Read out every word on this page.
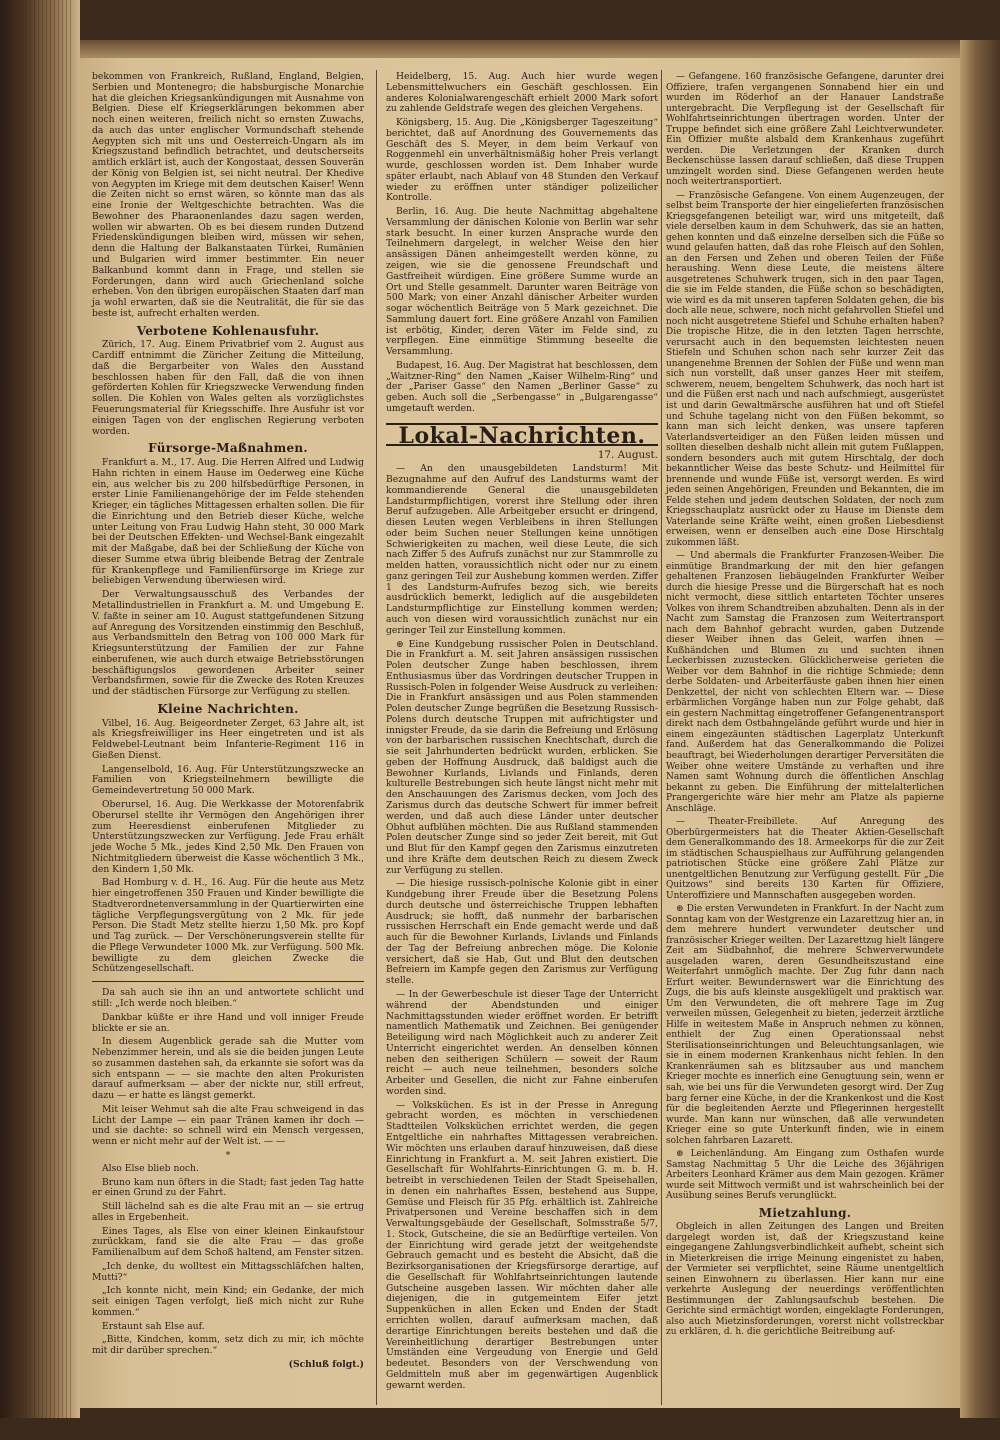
bekommen von Frankreich, Rußland, England, Belgien, Serbien und Montenegro; die habsburgische Monarchie hat die gleichen Kriegsankündigungen mit Ausnahme von Belgien. Diese elf Kriegserklärungen bekommen aber noch einen weiteren, freilich nicht so ernsten Zuwachs, da auch das unter englischer Vormundschaft stehende Aegypten sich mit uns und Oesterreich-Ungarn als im Kriegszustand befindlich betrachtet, und deutscherseits amtlich erklärt ist, auch der Kongostaat, dessen Souverän der König von Belgien ist, sei nicht neutral. Der Khedive von Aegypten im Kriege mit dem deutschen Kaiser! Wenn die Zeiten nicht so ernst wären, so könnte man das als eine Ironie der Weltgeschichte betrachten. Was die Bewohner des Pharaonenlandes dazu sagen werden, wollen wir abwarten. Ob es bei diesem runden Dutzend Friedenskündigungen bleiben wird, müssen wir sehen, denn die Haltung der Balkanstaaten Türkei, Rumänien und Bulgarien wird immer bestimmter. Ein neuer Balkanbund kommt dann in Frage, und stellen sie Forderungen, dann wird auch Griechenland solche erheben. Von den übrigen europäischen Staaten darf man ja wohl erwarten, daß sie die Neutralität, die für sie das beste ist, aufrecht erhalten werden.

Verbotene Kohlenausfuhr.

Zürich, 17. Aug. Einem Privatbrief vom 2. August aus Cardiff entnimmt die Züricher Zeitung die Mitteilung, daß die Bergarbeiter von Wales den Ausstand beschlossen haben für den Fall, daß die von ihnen geförderten Kohlen für Kriegszwecke Verwendung finden sollen. Die Kohlen von Wales gelten als vorzüglichstes Feuerungsmaterial für Kriegsschiffe. Ihre Ausfuhr ist vor einigen Tagen von der englischen Regierung verboten worden.

Fürsorge-Maßnahmen.

Frankfurt a. M., 17. Aug. Die Herren Alfred und Ludwig Hahn richten in einem Hause im Oederweg eine Küche ein, aus welcher bis zu 200 hilfsbedürftige Personen, in erster Linie Familienangehörige der im Felde stehenden Krieger, ein tägliches Mittagessen erhalten sollen. Die für die Einrichtung und den Betrieb dieser Küche, welche unter Leitung von Frau Ludwig Hahn steht, 30 000 Mark bei der Deutschen Effekten- und Wechsel-Bank eingezahlt mit der Maßgabe, daß bei der Schließung der Küche von dieser Summe etwa übrig bleibende Betrag der Zentrale für Krankenpflege und Familienfürsorge im Kriege zur beliebigen Verwendung überwiesen wird.

Der Verwaltungsausschuß des Verbandes der Metallindustriellen in Frankfurt a. M. und Umgebung E. V. faßte in seiner am 10. August stattgefundenen Sitzung auf Anregung des Vorsitzenden einstimmig den Beschluß, aus Verbandsmitteln den Betrag von 100 000 Mark für Kriegsunterstützung der Familien der zur Fahne einberufenen, wie auch durch etwaige Betriebsstörungen beschäftigungslos gewordenen Arbeiter seiner Verbandsfirmen, sowie für die Zwecke des Roten Kreuzes und der städtischen Fürsorge zur Verfügung zu stellen.

Kleine Nachrichten.

Vilbel, 16. Aug. Beigeordneter Zerget, 63 Jahre alt, ist als Kriegsfreiwilliger ins Heer eingetreten und ist als Feldwebel-Leutnant beim Infanterie-Regiment 116 in Gießen Dienst.

Langenselbold, 16. Aug. Für Unterstützungszwecke an Familien von Kriegsteilnehmern bewilligte die Gemeindevertretung 50 000 Mark.

Oberursel, 16. Aug. Die Werkkasse der Motorenfabrik Oberursel stellte ihr Vermögen den Angehörigen ihrer zum Heeresdienst einberufenen Mitglieder zu Unterstützungszwecken zur Verfügung. Jede Frau erhält jede Woche 5 Mk., jedes Kind 2,50 Mk. Den Frauen von Nichtmitgliedern überweist die Kasse wöchentlich 3 Mk., den Kindern 1,50 Mk.

Bad Homburg v. d. H., 16. Aug. Für die heute aus Metz hier eingetroffenen 350 Frauen und Kinder bewilligte die Stadtverordnetenversammlung in der Quartierwirten eine tägliche Verpflegungsvergütung von 2 Mk. für jede Person. Die Stadt Metz stellte hierzu 1,50 Mk. pro Kopf und Tag zurück. — Der Verschönerungsverein stellte für die Pflege Verwundeter 1000 Mk. zur Verfügung. 500 Mk. bewilligte zu dem gleichen Zwecke die Schützengesellschaft.

Da sah auch sie ihn an und antwortete schlicht und still: „Ich werde noch bleiben.“

Dankbar küßte er ihre Hand und voll inniger Freude blickte er sie an.

In diesem Augenblick gerade sah die Mutter vom Nebenzimmer herein, und als sie die beiden jungen Leute so zusammen dastehen sah, da erkannte sie sofort was da sich entspann — — sie machte den alten Prokuristen darauf aufmerksam — aber der nickte nur, still erfreut, dazu — er hatte es längst gemerkt.

Mit leiser Wehmut sah die alte Frau schweigend in das Licht der Lampe — ein paar Tränen kamen ihr doch — und sie dachte: so schnell wird ein Mensch vergessen, wenn er nicht mehr auf der Welt ist. — —

*

Also Else blieb noch.

Bruno kam nun öfters in die Stadt; fast jeden Tag hatte er einen Grund zu der Fahrt.

Still lächelnd sah es die alte Frau mit an — sie ertrug alles in Ergebenheit.

Eines Tages, als Else von einer kleinen Einkaufstour zurückkam, fand sie die alte Frau — das große Familienalbum auf dem Schoß haltend, am Fenster sitzen.

„Ich denke, du wolltest ein Mittagsschläfchen halten, Mutti?“

„Ich konnte nicht, mein Kind; ein Gedanke, der mich seit einigen Tagen verfolgt, ließ mich nicht zur Ruhe kommen.“

Erstaunt sah Else auf.

„Bitte, Kindchen, komm, setz dich zu mir, ich möchte mit dir darüber sprechen.“

(Schluß folgt.)

Heidelberg, 15. Aug. Auch hier wurde wegen Lebensmittelwuchers ein Geschäft geschlossen. Ein anderes Kolonialwarengeschäft erhielt 2000 Mark sofort zu zahlende Geldstrafe wegen des gleichen Vergehens.

Königsberg, 15. Aug. Die „Königsberger Tageszeitung“ berichtet, daß auf Anordnung des Gouvernements das Geschäft des S. Meyer, in dem beim Verkauf von Roggenmehl ein unverhältnismäßig hoher Preis verlangt wurde, geschlossen worden ist. Dem Inhaber wurde später erlaubt, nach Ablauf von 48 Stunden den Verkauf wieder zu eröffnen unter ständiger polizeilicher Kontrolle.

Berlin, 16. Aug. Die heute Nachmittag abgehaltene Versammlung der dänischen Kolonie von Berlin war sehr stark besucht. In einer kurzen Ansprache wurde den Teilnehmern dargelegt, in welcher Weise den hier ansässigen Dänen anheimgestellt werden könne, zu zeigen, wie sie die genossene Freundschaft und Gastfreiheit würdigen. Eine größere Summe wurde an Ort und Stelle gesammelt. Darunter waren Beiträge von 500 Mark; von einer Anzahl dänischer Arbeiter wurden sogar wöchentlich Beiträge von 5 Mark gezeichnet. Die Sammlung dauert fort. Eine größere Anzahl von Familien ist erbötig, Kinder, deren Väter im Felde sind, zu verpflegen. Eine einmütige Stimmung beseelte die Versammlung.

Budapest, 16. Aug. Der Magistrat hat beschlossen, dem „Waitzner-Ring“ den Namen „Kaiser Wilhelm-Ring“ und der „Pariser Gasse“ den Namen „Berliner Gasse“ zu geben. Auch soll die „Serbengasse“ in „Bulgarengasse“ umgetauft werden.

Lokal-Nachrichten.
17. August.

— An den unausgebildeten Landsturm! Mit Bezugnahme auf den Aufruf des Landsturms wamt der kommandierende General die unausgebildeten Landsturmpflichtigen, vorerst ihre Stellung oder ihren Beruf aufzugeben. Alle Arbeitgeber ersucht er dringend, diesen Leuten wegen Verbleibens in ihren Stellungen oder beim Suchen neuer Stellungen keine unnötigen Schwierigkeiten zu machen, weil diese Leute, die sich nach Ziffer 5 des Aufrufs zunächst nur zur Stammrolle zu melden hatten, voraussichtlich nicht oder nur zu einem ganz geringen Teil zur Aushebung kommen werden. Ziffer 1 des Landsturm-Aufrufes bezog sich, wie bereits ausdrücklich bemerkt, lediglich auf die ausgebildeten Landsturmpflichtige zur Einstellung kommen werden; auch von diesen wird voraussichtlich zunächst nur ein geringer Teil zur Einstellung kommen.

⊛ Eine Kundgebung russischer Polen in Deutschland. Die in Frankfurt a. M. seit Jahren ansässigen russischen Polen deutscher Zunge haben beschlossen, ihrem Enthusiasmus über das Vordringen deutscher Truppen in Russisch-Polen in folgender Weise Ausdruck zu verleihen: Die in Frankfurt ansässigen und aus Polen stammenden Polen deutscher Zunge begrüßen die Besetzung Russisch-Polens durch deutsche Truppen mit aufrichtigster und innigster Freude, da sie darin die Befreiung und Erlösung von der barbarischen russischen Knechtschaft, durch die sie seit Jahrhunderten bedrückt wurden, erblicken. Sie geben der Hoffnung Ausdruck, daß baldigst auch die Bewohner Kurlands, Livlands und Finlands, deren kulturelle Bestrebungen sich heute längst nicht mehr mit den Anschauungen des Zarismus decken, vom Joch des Zarismus durch das deutsche Schwert für immer befreit werden, und daß auch diese Länder unter deutscher Obhut aufblühen möchten. Die aus Rußland stammenden Polen deutscher Zunge sind so jeder Zeit bereit, mit Gut und Blut für den Kampf gegen den Zarismus einzutreten und ihre Kräfte dem deutschen Reich zu diesem Zweck zur Verfügung zu stellen.

— Die hiesige russisch-polnische Kolonie gibt in einer Kundgebung ihrer Freude über die Besetzung Polens durch deutsche und österreichische Truppen lebhaften Ausdruck; sie hofft, daß nunmehr der barbarischen russischen Herrschaft ein Ende gemacht werde und daß auch für die Bewohner Kurlands, Livlands und Finlands der Tag der Befreiung anbrechen möge. Die Kolonie versichert, daß sie Hab, Gut und Blut den deutschen Befreiern im Kampfe gegen den Zarismus zur Verfügung stelle.

— In der Gewerbeschule ist dieser Tage der Unterricht während der Abendstunden und einiger Nachmittagsstunden wieder eröffnet worden. Er betrifft namentlich Mathematik und Zeichnen. Bei genügender Beteiligung wird nach Möglichkeit auch zu anderer Zeit Unterricht eingerichtet werden. An denselben können neben den seitherigen Schülern — soweit der Raum reicht — auch neue teilnehmen, besonders solche Arbeiter und Gesellen, die nicht zur Fahne einberufen worden sind.

— Volksküchen. Es ist in der Presse in Anregung gebracht worden, es möchten in verschiedenen Stadtteilen Volksküchen errichtet werden, die gegen Entgeltliche ein nahrhaftes Mittagessen verabreichen. Wir möchten uns erlauben darauf hinzuweisen, daß diese Einrichtung in Frankfurt a. M. seit Jahren existiert. Die Gesellschaft für Wohlfahrts-Einrichtungen G. m. b. H. betreibt in verschiedenen Teilen der Stadt Speisehallen, in denen ein nahrhaftes Essen, bestehend aus Suppe, Gemüse und Fleisch für 35 Pfg. erhältlich ist. Zahlreiche Privatpersonen und Vereine beschaffen sich in dem Verwaltungsgebäude der Gesellschaft, Solmsstraße 5/7, 1. Stock, Gutscheine, die sie an Bedürftige verteilen. Von der Einrichtung wird gerade jetzt der weitgehendste Gebrauch gemacht und es besteht die Absicht, daß die Bezirksorganisationen der Kriegsfürsorge derartige, auf die Gesellschaft für Wohlfahrtseinrichtungen lautende Gutscheine ausgeben lassen. Wir möchten daher alle diejenigen, die in gutgemeintem Eifer jetzt Suppenküchen in allen Ecken und Enden der Stadt errichten wollen, darauf aufmerksam machen, daß derartige Einrichtungen bereits bestehen und daß die Vereinheitlichung derartiger Bestrebungen unter Umständen eine Vergeudung von Energie und Geld bedeutet. Besonders von der Verschwendung von Geldmitteln muß aber im gegenwärtigen Augenblick gewarnt werden.

— Gefangene. 160 französische Gefangene, darunter drei Offiziere, trafen vergangenen Sonnabend hier ein und wurden im Röderhof an der Hanauer Landstraße untergebracht. Die Verpflegung ist der Gesellschaft für Wohlfahrtseinrichtungen übertragen worden. Unter der Truppe befindet sich eine größere Zahl Leichtverwundeter. Ein Offizier mußte alsbald dem Krankenhaus zugeführt werden. Die Verletzungen der Kranken durch Beckenschüsse lassen darauf schließen, daß diese Truppen umzingelt worden sind. Diese Gefangenen werden heute noch weitertransportiert.

— Französische Gefangene. Von einem Augenzeugen, der selbst beim Transporte der hier eingelieferten französischen Kriegsgefangenen beteiligt war, wird uns mitgeteilt, daß viele derselben kaum in dem Schuhwerk, das sie an hatten, gehen konnten und daß einzelne derselben sich die Füße so wund gelaufen hatten, daß das rohe Fleisch auf den Sohlen, an den Fersen und Zehen und oberen Teilen der Füße heraushing. Wenn diese Leute, die meistens ältere ausgetretenes Schuhwerk trugen, sich in den paar Tagen, die sie im Felde standen, die Füße schon so beschädigten, wie wird es da mit unseren tapferen Soldaten gehen, die bis doch alle neue, schwere, noch nicht gefahrvollen Stiefel und noch nicht ausgetretene Stiefel und Schuhe erhalten haben? Die tropische Hitze, die in den letzten Tagen herrschte, verursacht auch in den bequemsten leichtesten neuen Stiefeln und Schuhen schon nach sehr kurzer Zeit das unangenehme Brennen der Sohlen der Füße und wenn man sich nun vorstellt, daß unser ganzes Heer mit steifem, schwerem, neuem, bengeltem Schuhwerk, das noch hart ist und die Füßen erst nach und nach aufschmiegt, ausgerüstet ist und darin Gewaltmärsche ausführen hat und oft Stiefel und Schuhe tagelang nicht von den Füßen bekommt, so kann man sich leicht denken, was unsere tapferen Vaterlandsverteidiger an den Füßen leiden müssen und sollten dieselben deshalb nicht allein mit gutem Fußlappen, sondern besonders auch mit gutem Hirschtalg, der doch bekanntlicher Weise das beste Schutz- und Heilmittel für brennende und wunde Füße ist, versorgt werden. Es wird jeden seinen Angehörigen, Freunden und Bekannten, die im Felde stehen und jedem deutschen Soldaten, der noch zum Kriegsschauplatz ausrückt oder zu Hause im Dienste dem Vaterlande seine Kräfte weiht, einen großen Liebesdienst erweisen, wenn er denselben auch eine Dose Hirschtalg zukommen läßt.

— Und abermals die Frankfurter Franzosen-Weiber. Die einmütige Brandmarkung der mit den hier gefangen gehaltenen Franzosen liebäugelnden Frankfurter Weiber durch die hiesige Presse und die Bürgerschaft hat es noch nicht vermocht, diese sittlich entarteten Töchter unseres Volkes von ihrem Schandtreiben abzuhalten. Denn als in der Nacht zum Samstag die Franzosen zum Weitertransport nach dem Bahnhof gebracht wurden, gaben Dutzende dieser Weiber ihnen das Geleit, warfen ihnen — Kußhändchen und Blumen zu und suchten ihnen Leckerbissen zuzustecken. Glücklicherweise gerieten die Weiber vor dem Bahnhof in die richtige Schmiede; denn derbe Soldaten- und Arbeiterfäuste gaben ihnen hier einen Denkzettel, der nicht von schlechten Eltern war. — Diese erbärmlichen Vorgänge haben nun zur Folge gehabt, daß ein gestern Nachmittag eingetroffener Gefangenentransport direkt nach dem Ostbahngelände geführt wurde und hier in einem eingezäunten städtischen Lagerplatz Unterkunft fand. Außerdem hat das Generalkommando die Polizei beauftragt, bei Wiederholungen derartiger Perversitäten die Weiber ohne weitere Umstände zu verhaften und ihre Namen samt Wohnung durch die öffentlichen Anschlag bekannt zu geben. Die Einführung der mittelalterlichen Prangergerichte wäre hier mehr am Platze als papierne Anschläge.

— Theater-Freibillete. Auf Anregung des Oberbürgermeisters hat die Theater Aktien-Gesellschaft dem Generalkommando des 18. Armeekorps für die zur Zeit im städtischen Schauspielhaus zur Aufführung gelangenden patriotischen Stücke eine größere Zahl Plätze zur unentgeltlichen Benutzung zur Verfügung gestellt. Für „Die Quitzows“ sind bereits 130 Karten für Offiziere, Unteroffiziere und Mannschaften ausgegeben worden.

⊛ Die ersten Verwundeten in Frankfurt. In der Nacht zum Sonntag kam von der Westgrenze ein Lazarettzug hier an, in dem mehrere hundert verwundeter deutscher und französischer Krieger weilten. Der Lazarettzug hielt längere Zeit am Südbahnhof, die mehrere Schwerverwundete ausgeladen waren, deren Gesundheitszustand eine Weiterfahrt unmöglich machte. Der Zug fuhr dann nach Erfurt weiter. Bewundernswert war die Einrichtung des Zugs, die bis aufs kleinste ausgeklügelt und praktisch war. Um den Verwundeten, die oft mehrere Tage im Zug verweilen müssen, Gelegenheit zu bieten, jederzeit ärztliche Hilfe in weitestem Maße in Anspruch nehmen zu können, enthielt der Zug einen Operationssaal nebst Sterilisationseinrichtungen und Beleuchtungsanlagen, wie sie in einem modernen Krankenhaus nicht fehlen. In den Krankenräumen sah es blitzsauber aus und manchem Krieger mochte es innerlich eine Genugtuung sein, wenn er sah, wie bei uns für die Verwundeten gesorgt wird. Der Zug barg ferner eine Küche, in der die Krankenkost und die Kost für die begleitenden Aerzte und Pflegerinnen hergestellt wurde. Man kann nur wünschen, daß alle verwundeten Krieger eine so gute Unterkunft finden, wie in einem solchen fahrbaren Lazarett.

⊛ Leichenländung. Am Eingang zum Osthafen wurde Samstag Nachmittag 5 Uhr die Leiche des 36jährigen Arbeiters Leonhard Krämer aus dem Main gezogen. Krämer wurde seit Mittwoch vermißt und ist wahrscheinlich bei der Ausübung seines Berufs verunglückt.

Mietzahlung.

Obgleich in allen Zeitungen des Langen und Breiten dargelegt worden ist, daß der Kriegszustand keine eingegangene Zahlungsverbindlichkeit aufhebt, scheint sich in Mieterkreisen die irrige Meinung eingenistet zu haben, der Vermieter sei verpflichtet, seine Räume unentgeltlich seinen Einwohnern zu überlassen. Hier kann nur eine verkehrte Auslegung der neuerdings veröffentlichten Bestimmungen der Zahlungsaufschub bestehen. Die Gerichte sind ermächtigt worden, eingeklagte Forderungen, also auch Mietzinsforderungen, vorerst nicht vollstreckbar zu erklären, d. h. die gerichtliche Beitreibung auf-
